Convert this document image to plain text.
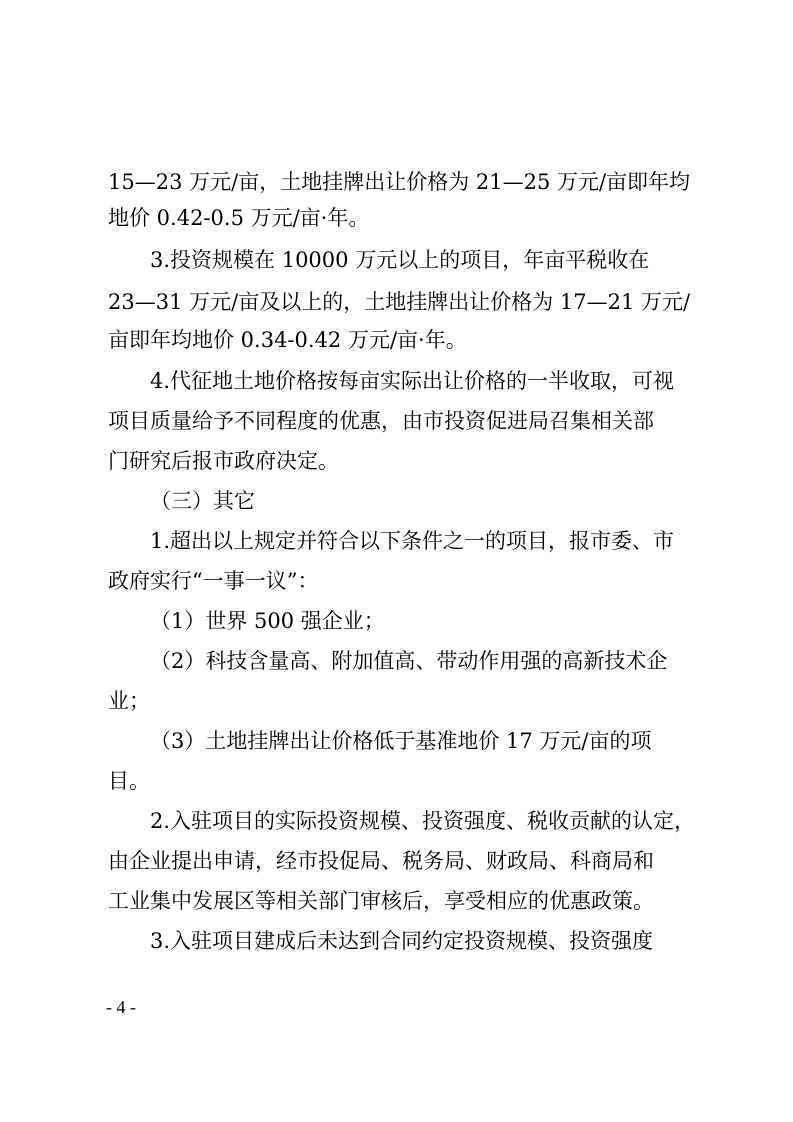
15—23 万元/亩，土地挂牌出让价格为 21—25 万元/亩即年均
地价 0.42-0.5 万元/亩·年。
3.投资规模在 10000 万元以上的项目，年亩平税收在
23—31 万元/亩及以上的，土地挂牌出让价格为 17—21 万元/
亩即年均地价 0.34-0.42 万元/亩·年。
4.代征地土地价格按每亩实际出让价格的一半收取，可视
项目质量给予不同程度的优惠，由市投资促进局召集相关部
门研究后报市政府决定。
（三）其它
1.超出以上规定并符合以下条件之一的项目，报市委、市
政府实行“一事一议”：
（1）世界 500 强企业；
（2）科技含量高、附加值高、带动作用强的高新技术企
业；
（3）土地挂牌出让价格低于基准地价 17 万元/亩的项
目。
2.入驻项目的实际投资规模、投资强度、税收贡献的认定，
由企业提出申请，经市投促局、税务局、财政局、科商局和
工业集中发展区等相关部门审核后，享受相应的优惠政策。
3.入驻项目建成后未达到合同约定投资规模、投资强度
- 4 -
